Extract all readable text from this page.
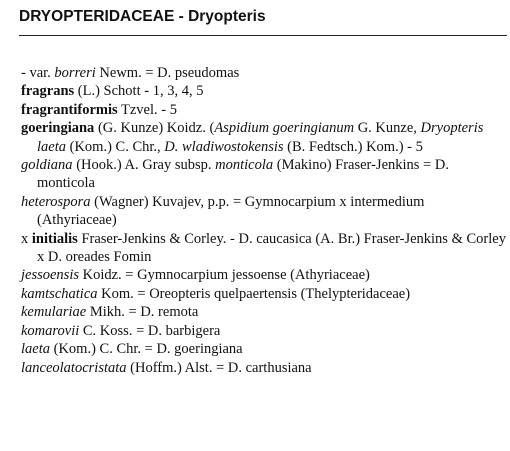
DRYOPTERIDACEAE - Dryopteris
- var. borreri Newm. = D. pseudomas
fragrans (L.) Schott - 1, 3, 4, 5
fragrantiformis Tzvel. - 5
goeringiana (G. Kunze) Koidz. (Aspidium goeringianum G. Kunze, Dryopteris laeta (Kom.) C. Chr., D. wladiwostokensis (B. Fedtsch.) Kom.) - 5
goldiana (Hook.) A. Gray subsp. monticola (Makino) Fraser-Jenkins = D. monticola
heterospora (Wagner) Kuvajev, p.p. = Gymnocarpium x intermedium (Athyriaceae)
x initialis Fraser-Jenkins & Corley. - D. caucasica (A. Br.) Fraser-Jenkins & Corley x D. oreades Fomin
jessoensis Koidz. = Gymnocarpium jessoense (Athyriaceae)
kamtschatica Kom. = Oreopteris quelpaertensis (Thelypteridaceae)
kemulariae Mikh. = D. remota
komarovii C. Koss. = D. barbigera
laeta (Kom.) C. Chr. = D. goeringiana
lanceolatocristata (Hoffm.) Alst. = D. carthusiana
